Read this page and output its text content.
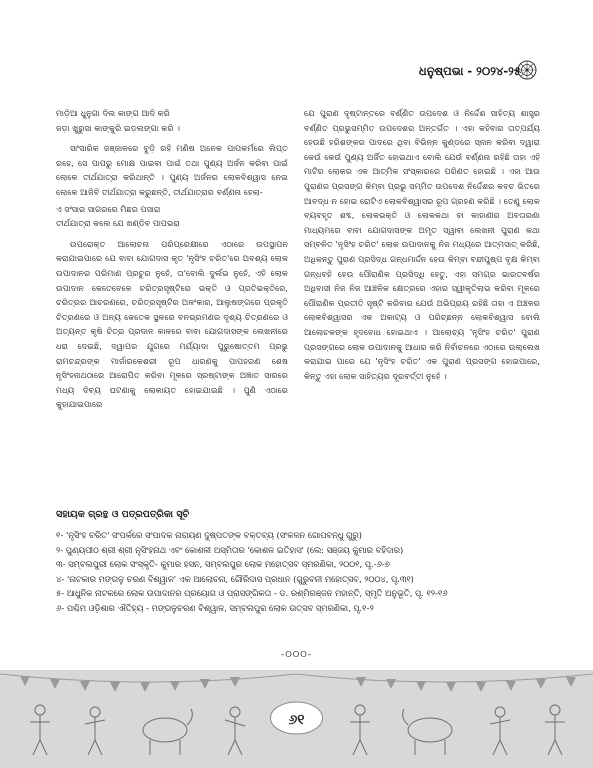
ଧନୁଷ୍ପଭା - ୨୦୨୪-୨୫

ମାଡ଼ିଆ ଧୁନୁଗା ଦିଲ କାଙ୍ଗ ଆଦି କରି

ଜଡ଼ା ଖୁରୁସା କାଙ୍କୁରି ଇଡ଼ଲଙ୍ଗା କରି ।

ସାଂସାରିକ ଜଞ୍ଜାଳରେ ବୁଡ଼ି ରହି ମଣିଷ ଅନେକ ପାପକର୍ମରେ ଲିପ୍ତ ରହେ, ସେ ପାପରୁ ମୋକ୍ଷ ପାଇବା ପାଇଁ ତଥା ପୁଣ୍ୟ ଅର୍ଜନ କରିବା ପାଇଁ ଲୋକେ ତୀର୍ଥଯାତ୍ରା କରିଥାନ୍ତି । ପୁଣ୍ୟ ଅର୍ଜନର ଲୋକବିଶ୍ୱାସ ନେଇ ଲୋକେ ଆଜିବି ତୀର୍ଥଯାତ୍ରା କରୁଛନ୍ତି, ତୀର୍ଥଯାତ୍ରାର ବର୍ଣ୍ଣନା ହେଲା-

ଏ ସଂସାର ସାଗରରେ ମିଛର ପସାରା

ତୀର୍ଥଯାତ୍ରା କଲେ ଯେ ଖଣ୍ଡିବ ପାପଭରା

ଉପରୋକ୍ତ ଆଲୋଚନା ପରିପ୍ରେକ୍ଷୀରେ ଏଠାରେ ଉପସ୍ଥାପନ କରାଯାଇପାରେ ଯେ ବାବା ଯୋଗଦାସ କୃତ 'ନୃସିଂହ ଚରିତ'ରେ ଅବଶ୍ୟ ଲୋକ ଉପାଦାନର ପରିମାଣ ପ୍ରଚୁର ନୁହେଁ, ତା'ବୋଲି ଦୁର୍ଲଭ ନୁହେଁ, ଏହି ଲୋକ ଉପାଦାନ କେତେବେଳେ ଚରିତ୍ରସୃଷ୍ଟିରେ ଭକ୍ତି ଓ ପ୍ରତିଭକ୍ତିରେ, ଚରିତ୍ରର ଆଚରଣରେ, ଚରିତ୍ରସୃଷ୍ଟିର ଅଳଂକାର, ଆଲୁଷଙ୍ଗରେ ପ୍ରକୃତି ଚିତ୍ରଣରେ ଓ ଅନ୍ୟ କେତେକ ସ୍ଥଳରେ ବନଭ୍ରମଣର ଦୃଶ୍ୟ ଚିତ୍ରଣରେ ଓ ଅତ୍ୟନ୍ତ କୃଷି ଚିତ୍ର ପ୍ରଦାନ କାଳରେ ବାବା ଯୋଗଦାସଙ୍କ ଲେଖନୀରେ ଧରା ଦେଇଛି, ଦ୍ୱାପର ଯୁଗରେ ମର୍ଯ୍ୟାଦା ପୁରୁଷୋତ୍ତମ ପ୍ରଭୁ ରାମଚନ୍ଦ୍ରଙ୍କ ମାର୍ଜାରକେଶରୀ ରୂପ ଧାରଣକୁ ପାପହରଣ ଶେଷ ନୃସିଂହନାଥଠାରେ ଆରୋପିତ କରିବା ମୂଳରେ ସ୍ରଷ୍ଟାଙ୍କ ଅଜ୍ଞାତ ସାରରେ ମଧ୍ୟ ଦିବ୍ୟ ଘଟଣାକୁ ଲୋକାୟତ ହୋଇଯାଇଛି । ପୁଣି ଏଠାରେ କୁହାଯାଇପାରେ

ଯେ ପୁରାଣ ଦୃଷ୍ଟାନ୍ତରେ ବର୍ଣ୍ଣିତ ଉପଦେଶ ଓ ନିର୍ଦ୍ଦେଶ ସାହିତ୍ୟ ଶାସ୍ତ୍ର ବର୍ଣ୍ଣିତ ପ୍ରଭୁସମ୍ମିତ ଉପଦେଶର ଅନ୍ତର୍ଗତ । ଏହା କହିବାର ତାତ୍ପର୍ଯ୍ୟ ହେଉଛି ହରିଶଙ୍କର ପାଦରେ ଥିବା ବିଭିନ୍ନ କୁଣ୍ଡରେ ସ୍ନାନ କରିବା ଦ୍ୱାରା କେଉଁ କେଉଁ ପୁଣ୍ୟ ଅର୍ଜିତ ହୋଇଥାଏ ବୋଲି ଯେଉଁ ବର୍ଣ୍ଣନା ରହିଛି ତାହା ଏହି ମାଟିର ଲୋକର ଏକ ଆତ୍ମିକ ସଂସ୍କାରରେ ପରିଣତ ହୋଇଛି । ଏହା ଆଉ ପୁରାଣର ପ୍ରସଙ୍ଗ କିମ୍ବା ପ୍ରଭୁ ସମ୍ମିତ ଉପଦେଶ ନିର୍ଦ୍ଦେଶର କବଚ ଭିତରେ ଆବଦ୍ଧ ନ ହୋଇ ରୋଟିଏ ଲୋକବିଶ୍ୱାସର ରୂପ ଗ୍ରହଣ କରିଛି । ତେଣୁ ଲୋକ ବ୍ୟବହୃତ ଶବ୍ଦ, ଲୋକଭକ୍ତି ଓ ଲୋକକଥା ବା କାହାଣୀର ଅବତାରଣା ମାଧ୍ୟମରେ ବାବା ଯୋଗଦାସଙ୍କ ଅମୃତ ସ୍ୱାବା ଲେଖନୀ ପୁରାଣ କଥା ସମ୍ବଳିତ 'ନୃସିଂହ ଚରିତ' ଲୋକ ଉପାଦାନକୁ ନିଜ ମଧ୍ୟରେ ଆତ୍ମସାତ୍ କରିଛି, ଅଧିକନ୍ତୁ ପୁରାଣ ପ୍ରସିଦ୍ଧ ଗନ୍ଧମାର୍ଦ୍ଦନ ହେଉ କିମ୍ବା ବନ୍ଦୀପୁଷ୍ପ ବୃକ୍ଷ କିମ୍ବା ଗନ୍ଧବହି ହେଉ ପୌରାଣିକ ପ୍ରସିଦ୍ଧି ହେତୁ, ଏହା ସମଗ୍ର ଭାରତବର୍ଷର ଅଧିବାସୀ ନିଜ ନିଜ ଆଞ୍ଚଳିକ କ୍ଷେତ୍ରରେ ଏହାର ସ୍ୱୀକୃତିଲାଭ କରିବା ମୂଳରେ ପୌରାଣିକ ପ୍ରତୀତି ସୃଷ୍ଟି କରିବାର ଯେଉଁ ଅଭିପ୍ରାୟ ରହିଛି ତାହା ଏ ଅଞ୍ଚଳର ଲୋକବିଶ୍ୱାସର ଏକ ଅକାଟ୍ୟ ଓ ପରିଚ୍ଛନ୍ନ ଲୋକବିଶ୍ୱାସ ବୋଲି ଆଲୋଚକଙ୍କ ହୃଦବୋଧ ହୋଇଥାଏ । ଆଲୋଚ୍ୟ 'ନୃସିଂହ ଚରିତ' ପୁରାଣ ପ୍ରସଙ୍ଗରେ ଲୋକ ଉପାଦାନକୁ ଆଧାର କରି ନିର୍ବାଚନରେ ଏଠାରେ ଉଲ୍ଲେଖ କରାଯାଇ ପାରେ ଯେ 'ନୃସିଂହ ଚରିତ' ଏକ ପୁରାଣ ପ୍ରସଙ୍ଗ ହୋଇପାରେ, କିନ୍ତୁ ଏହା ଲୋକ ସାହିତ୍ୟର ଦୂରବର୍ତ୍ତୀ ନୁହେଁ ।

ସହାୟକ ଗ୍ରନ୍ଥ ଓ ପତ୍ରପତ୍ରିକା ସୂଚି
୧- 'ନୃସିଂହ ଚରିତ' ସଂପର୍କରେ ସଂପାଦକ ନାରାୟଣ ଦୁଷ୍ପତଙ୍କ ବକ୍ତବ୍ୟ (ସଂକଳନ ଗୋପବନ୍ଧୁ ଗୁରୁ)
୨- ପୁଣ୍ୟପୀଠ ଶ୍ରୀ ଶ୍ରୀ ନୃସିଂହନାଥ ଏବଂ କୋଶଳୀ ଅସ୍ମିତାର 'କୋଶଳ ଇତିହାସ' (ଲେ: ସଞ୍ଜୟ କୁମାର ବହିଦାର)
୩- ସମ୍ବଲପୁରୀ ଲୋକ ସଂସ୍କୃତି- କୁମାର ହସନ, ସମ୍ବଲପୁର ଲୋକ ମହୋତ୍ସବ ସ୍ମରଣିକା, ୨୦୦୧, ପୃ.-୬-୭
୪- 'ନାଟକାର ମଙ୍ଗଳୁ ଚରଣ ବିଶ୍ୱାଳ' ଏକ ଆଲୋଚନା, ଗୌରିଦାସ ପ୍ରଧାନ (ଗୁରୁବନୀ ମହୋତ୍ସବ, ୨୦୦୪, ପୃ.୩୧)
୫- ଆଧୁନିକ ନାଟକରେ ଲୋକ ଉପାଦାନର ପ୍ରୟୋଗ ଓ ପ୍ରାସଙ୍ଗିକତା - ଡ. ରଶ୍ମିରଞ୍ଜନ ମହାନ୍ତି, ସ୍ମୃତି ଅନୁଭୂତି, ପୃ. ୧୨-୧୬
୬- ପଶ୍ଚିମ ଓଡ଼ିଶାର ଐତିହ୍ୟ - ମଙ୍ଗଳୁଚରଣ ବିଶ୍ୱାଳ, ସମ୍ବଲପୁର ଲୋକ ଉତ୍ସବ ସ୍ମରଣିକା, ପୃ.୧-୨
-୦୦୦-
୬୧
